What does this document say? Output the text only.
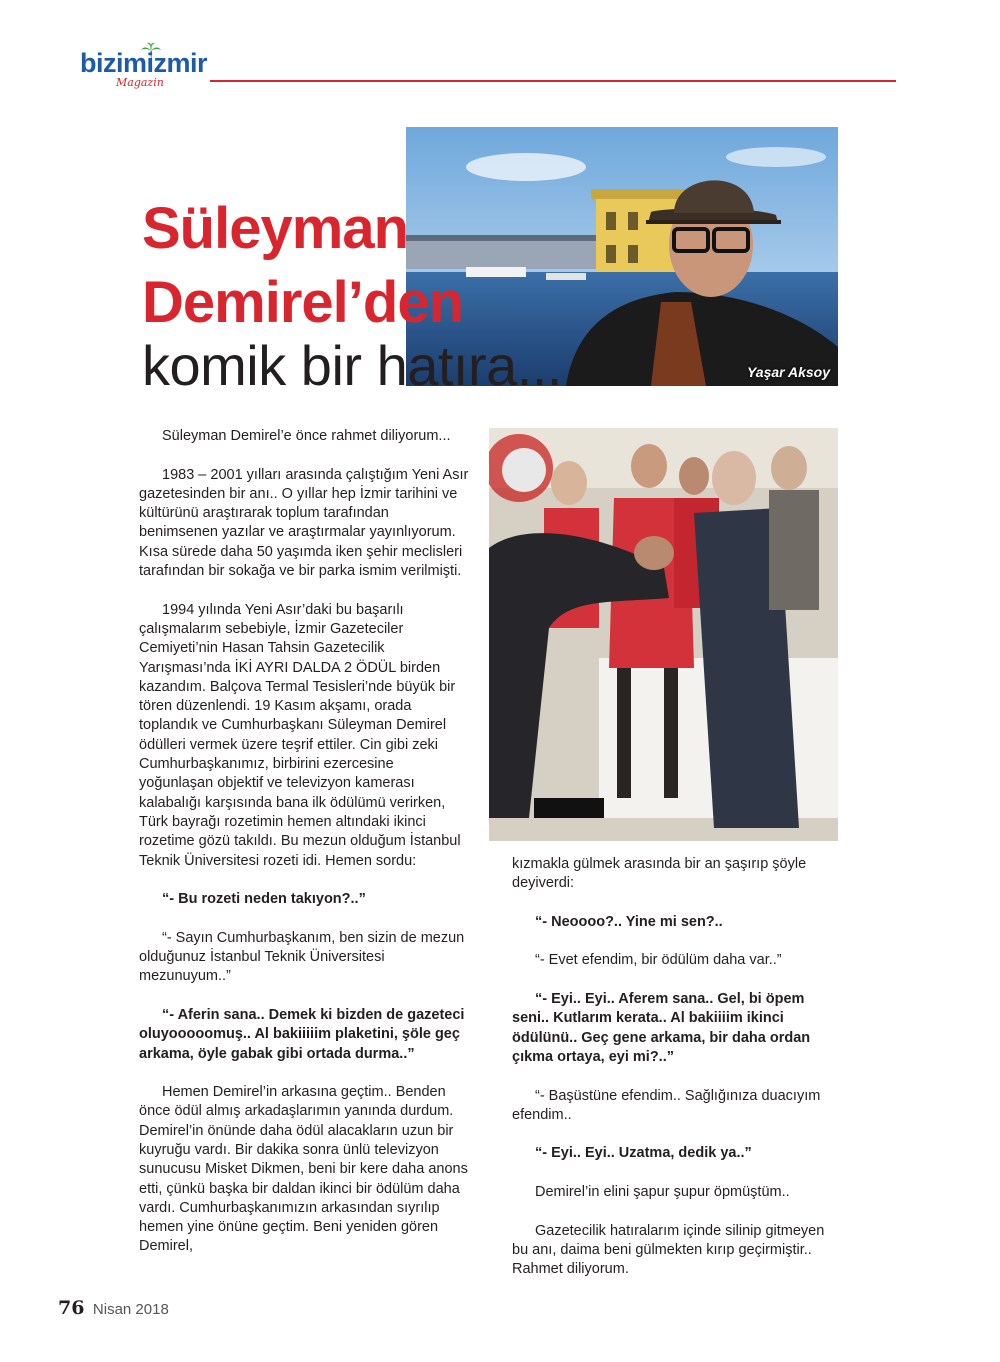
bizimizmir
Magazin
Süleyman
Demirel’den
komik bir hatıra...	Yaşar Aksoy

Süleyman Demirel’e önce rahmet diliyorum...

1983 – 2001 yılları arasında çalıştığım Yeni Asır gazetesinden bir anı.. O yıllar hep İzmir tarihini ve kültürünü araştırarak toplum tarafından benimsenen yazılar ve araştırmalar yayınlıyorum. Kısa sürede daha 50 yaşımda iken şehir meclisleri tarafından bir sokağa ve bir parka ismim verilmişti.

1994 yılında Yeni Asır’daki bu başarılı çalışmalarım sebebiyle, İzmir Gazeteciler Cemiyeti’nin Hasan Tahsin Gazetecilik Yarışması’nda İKİ AYRI DALDA 2 ÖDÜL birden kazandım. Balçova Termal Tesisleri’nde büyük bir tören düzenlendi. 19 Kasım akşamı, orada toplandık ve Cumhurbaşkanı Süleyman Demirel ödülleri vermek üzere teşrif ettiler. Cin gibi zeki Cumhurbaşkanımız, birbirini ezercesine yoğunlaşan objektif ve televizyon kamerası kalabalığı karşısında bana ilk ödülümü verirken, Türk bayrağı rozetimin hemen altındaki ikinci rozetime gözü takıldı. Bu mezun olduğum İstanbul Teknik Üniversitesi rozeti idi. Hemen sordu:

“- Bu rozeti neden takıyon?..”

“- Sayın Cumhurbaşkanım, ben sizin de mezun olduğunuz İstanbul Teknik Üniversitesi mezunuyum..”

“- Aferin sana.. Demek ki bizden de gazeteci oluyooooomuş.. Al bakiiiiim plaketini, şöle geç arkama, öyle gabak gibi ortada durma..”

Hemen Demirel’in arkasına geçtim.. Benden önce ödül almış arkadaşlarımın yanında durdum. Demirel’in önünde daha ödül alacakların uzun bir kuyruğu vardı. Bir dakika sonra ünlü televizyon sunucusu Misket Dikmen, beni bir kere daha anons etti, çünkü başka bir daldan ikinci bir ödülüm daha vardı. Cumhurbaşkanımızın arkasından sıyrılıp hemen yine önüne geçtim. Beni yeniden gören Demirel,

kızmakla gülmek arasında bir an şaşırıp şöyle deyiverdi:

“- Neoooo?.. Yine mi sen?..

“- Evet efendim, bir ödülüm daha var..”

“- Eyi.. Eyi.. Aferem sana.. Gel, bi öpem seni.. Kutlarım kerata.. Al bakiiiim ikinci ödülünü.. Geç gene arkama, bir daha ordan çıkma ortaya, eyi mi?..”

“- Başüstüne efendim.. Sağlığınıza duacıyım efendim..

“- Eyi.. Eyi.. Uzatma, dedik ya..”

Demirel’in elini şapur şupur öpmüştüm..

Gazetecilik hatıralarım içinde silinip gitmeyen bu anı, daima beni gülmekten kırıp geçirmiştir.. Rahmet diliyorum.

76 Nisan 2018
